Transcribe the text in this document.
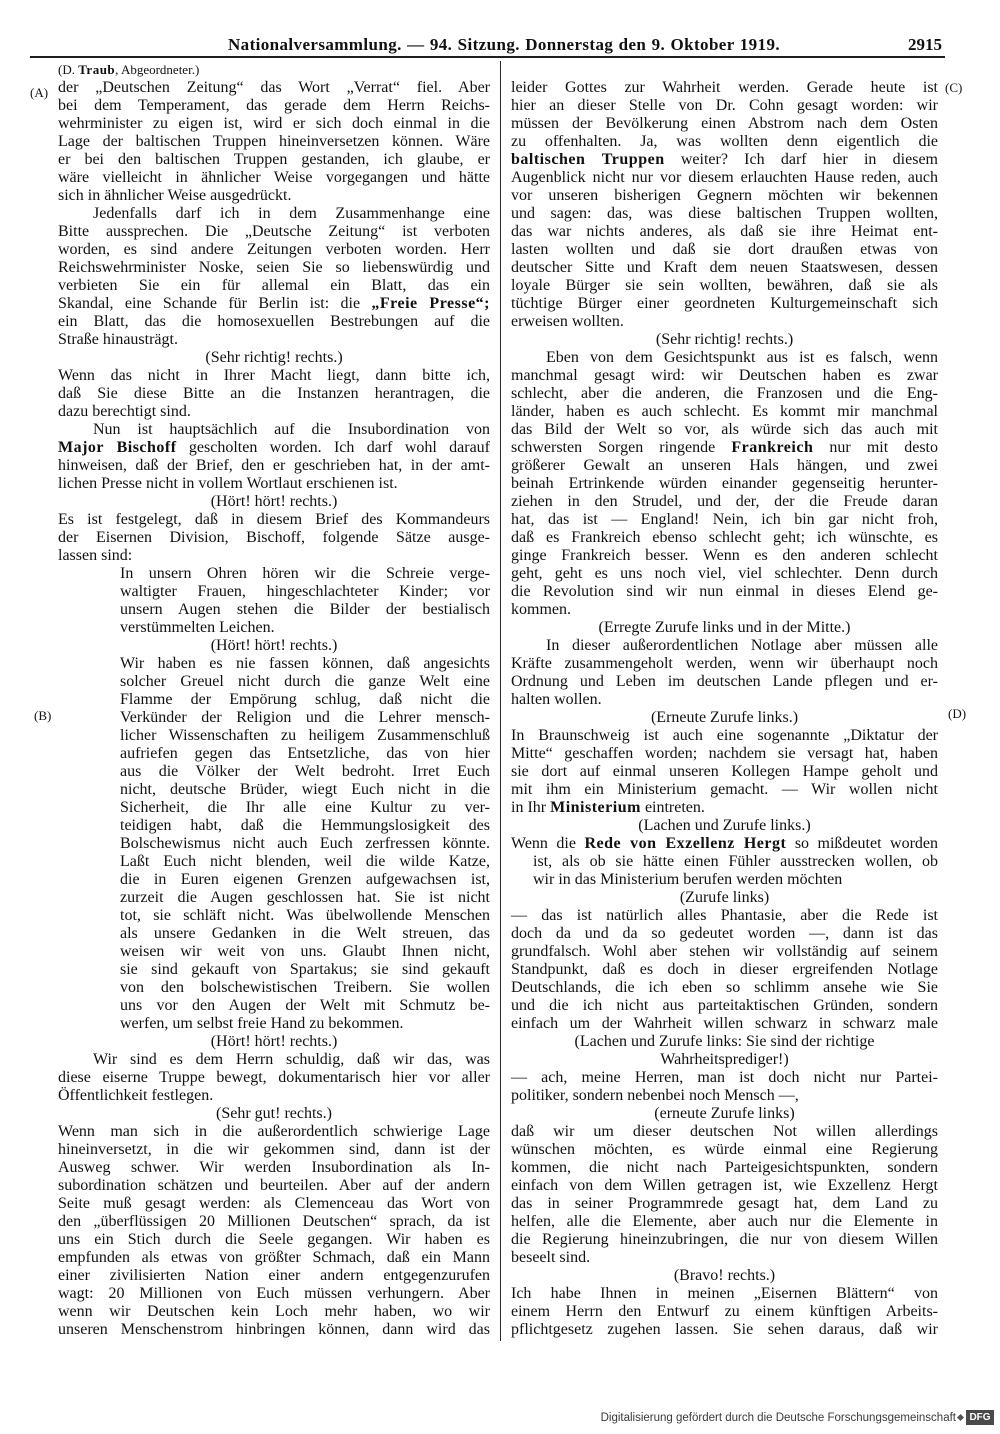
Nationalversammlung. — 94. Sitzung. Donnerstag den 9. Oktober 1919.	2915
(A)
(B)
(C)
(D)
(D. Traub, Abgeordneter.)
der „Deutschen Zeitung“ das Wort „Verrat“ fiel. Aber
bei dem Temperament, das gerade dem Herrn Reichs-
wehrminister zu eigen ist, wird er sich doch einmal in die
Lage der baltischen Truppen hineinversetzen können. Wäre
er bei den baltischen Truppen gestanden, ich glaube, er
wäre vielleicht in ähnlicher Weise vorgegangen und hätte
sich in ähnlicher Weise ausgedrückt.
Jedenfalls darf ich in dem Zusammenhange eine
Bitte aussprechen. Die „Deutsche Zeitung“ ist verboten
worden, es sind andere Zeitungen verboten worden. Herr
Reichswehrminister Noske, seien Sie so liebenswürdig und
verbieten Sie ein für allemal ein Blatt, das ein
Skandal, eine Schande für Berlin ist: die „Freie Presse“;
ein Blatt, das die homosexuellen Bestrebungen auf die
Straße hinausträgt.
(Sehr richtig! rechts.)
Wenn das nicht in Ihrer Macht liegt, dann bitte ich,
daß Sie diese Bitte an die Instanzen herantragen, die
dazu berechtigt sind.
Nun ist hauptsächlich auf die Insubordination von
Major Bischoff gescholten worden. Ich darf wohl darauf
hinweisen, daß der Brief, den er geschrieben hat, in der amt-
lichen Presse nicht in vollem Wortlaut erschienen ist.
(Hört! hört! rechts.)
Es ist festgelegt, daß in diesem Brief des Kommandeurs
der Eisernen Division, Bischoff, folgende Sätze ausge-
lassen sind:
In unsern Ohren hören wir die Schreie verge-
waltigter Frauen, hingeschlachteter Kinder; vor
unsern Augen stehen die Bilder der bestialisch
verstümmelten Leichen.
(Hört! hört! rechts.)
Wir haben es nie fassen können, daß angesichts
solcher Greuel nicht durch die ganze Welt eine
Flamme der Empörung schlug, daß nicht die
Verkünder der Religion und die Lehrer mensch-
licher Wissenschaften zu heiligem Zusammenschluß
aufriefen gegen das Entsetzliche, das von hier
aus die Völker der Welt bedroht. Irret Euch
nicht, deutsche Brüder, wiegt Euch nicht in die
Sicherheit, die Ihr alle eine Kultur zu ver-
teidigen habt, daß die Hemmungslosigkeit des
Bolschewismus nicht auch Euch zerfressen könnte.
Laßt Euch nicht blenden, weil die wilde Katze,
die in Euren eigenen Grenzen aufgewachsen ist,
zurzeit die Augen geschlossen hat. Sie ist nicht
tot, sie schläft nicht. Was übelwollende Menschen
als unsere Gedanken in die Welt streuen, das
weisen wir weit von uns. Glaubt Ihnen nicht,
sie sind gekauft von Spartakus; sie sind gekauft
von den bolschewistischen Treibern. Sie wollen
uns vor den Augen der Welt mit Schmutz be-
werfen, um selbst freie Hand zu bekommen.
(Hört! hört! rechts.)
Wir sind es dem Herrn schuldig, daß wir das, was
diese eiserne Truppe bewegt, dokumentarisch hier vor aller
Öffentlichkeit festlegen.
(Sehr gut! rechts.)
Wenn man sich in die außerordentlich schwierige Lage
hineinversetzt, in die wir gekommen sind, dann ist der
Ausweg schwer. Wir werden Insubordination als In-
subordination schätzen und beurteilen. Aber auf der andern
Seite muß gesagt werden: als Clemenceau das Wort von
den „überflüssigen 20 Millionen Deutschen“ sprach, da ist
uns ein Stich durch die Seele gegangen. Wir haben es
empfunden als etwas von größter Schmach, daß ein Mann
einer zivilisierten Nation einer andern entgegenzurufen
wagt: 20 Millionen von Euch müssen verhungern. Aber
wenn wir Deutschen kein Loch mehr haben, wo wir
unseren Menschenstrom hinbringen können, dann wird das
leider Gottes zur Wahrheit werden. Gerade heute ist
hier an dieser Stelle von Dr. Cohn gesagt worden: wir
müssen der Bevölkerung einen Abstrom nach dem Osten
zu offenhalten. Ja, was wollten denn eigentlich die
baltischen Truppen weiter? Ich darf hier in diesem
Augenblick nicht nur vor diesem erlauchten Hause reden, auch
vor unseren bisherigen Gegnern möchten wir bekennen
und sagen: das, was diese baltischen Truppen wollten,
das war nichts anderes, als daß sie ihre Heimat ent-
lasten wollten und daß sie dort draußen etwas von
deutscher Sitte und Kraft dem neuen Staatswesen, dessen
loyale Bürger sie sein wollten, bewähren, daß sie als
tüchtige Bürger einer geordneten Kulturgemeinschaft sich
erweisen wollten.
(Sehr richtig! rechts.)
Eben von dem Gesichtspunkt aus ist es falsch, wenn
manchmal gesagt wird: wir Deutschen haben es zwar
schlecht, aber die anderen, die Franzosen und die Eng-
länder, haben es auch schlecht. Es kommt mir manchmal
das Bild der Welt so vor, als würde sich das auch mit
schwersten Sorgen ringende Frankreich nur mit desto
größerer Gewalt an unseren Hals hängen, und zwei
beinah Ertrinkende würden einander gegenseitig herunter-
ziehen in den Strudel, und der, der die Freude daran
hat, das ist — England! Nein, ich bin gar nicht froh,
daß es Frankreich ebenso schlecht geht; ich wünschte, es
ginge Frankreich besser. Wenn es den anderen schlecht
geht, geht es uns noch viel, viel schlechter. Denn durch
die Revolution sind wir nun einmal in dieses Elend ge-
kommen.
(Erregte Zurufe links und in der Mitte.)
In dieser außerordentlichen Notlage aber müssen alle
Kräfte zusammengeholt werden, wenn wir überhaupt noch
Ordnung und Leben im deutschen Lande pflegen und er-
halten wollen.
(Erneute Zurufe links.)
In Braunschweig ist auch eine sogenannte „Diktatur der
Mitte“ geschaffen worden; nachdem sie versagt hat, haben
sie dort auf einmal unseren Kollegen Hampe geholt und
mit ihm ein Ministerium gemacht. — Wir wollen nicht
in Ihr Ministerium eintreten.
(Lachen und Zurufe links.)
Wenn die Rede von Exzellenz Hergt so mißdeutet worden
ist, als ob sie hätte einen Fühler ausstrecken wollen, ob
wir in das Ministerium berufen werden möchten
(Zurufe links)
— das ist natürlich alles Phantasie, aber die Rede ist
doch da und da so gedeutet worden —, dann ist das
grundfalsch. Wohl aber stehen wir vollständig auf seinem
Standpunkt, daß es doch in dieser ergreifenden Notlage
Deutschlands, die ich eben so schlimm ansehe wie Sie
und die ich nicht aus parteitaktischen Gründen, sondern
einfach um der Wahrheit willen schwarz in schwarz male
(Lachen und Zurufe links: Sie sind der richtige
Wahrheitsprediger!)
— ach, meine Herren, man ist doch nicht nur Partei-
politiker, sondern nebenbei noch Mensch —,
(erneute Zurufe links)
daß wir um dieser deutschen Not willen allerdings
wünschen möchten, es würde einmal eine Regierung
kommen, die nicht nach Parteigesichtspunkten, sondern
einfach von dem Willen getragen ist, wie Exzellenz Hergt
das in seiner Programmrede gesagt hat, dem Land zu
helfen, alle die Elemente, aber auch nur die Elemente in
die Regierung hineinzubringen, die nur von diesem Willen
beseelt sind.
(Bravo! rechts.)
Ich habe Ihnen in meinen „Eisernen Blättern“ von
einem Herrn den Entwurf zu einem künftigen Arbeits-
pflichtgesetz zugehen lassen. Sie sehen daraus, daß wir
Digitalisierung gefördert durch die Deutsche Forschungsgemeinschaft	DFG
